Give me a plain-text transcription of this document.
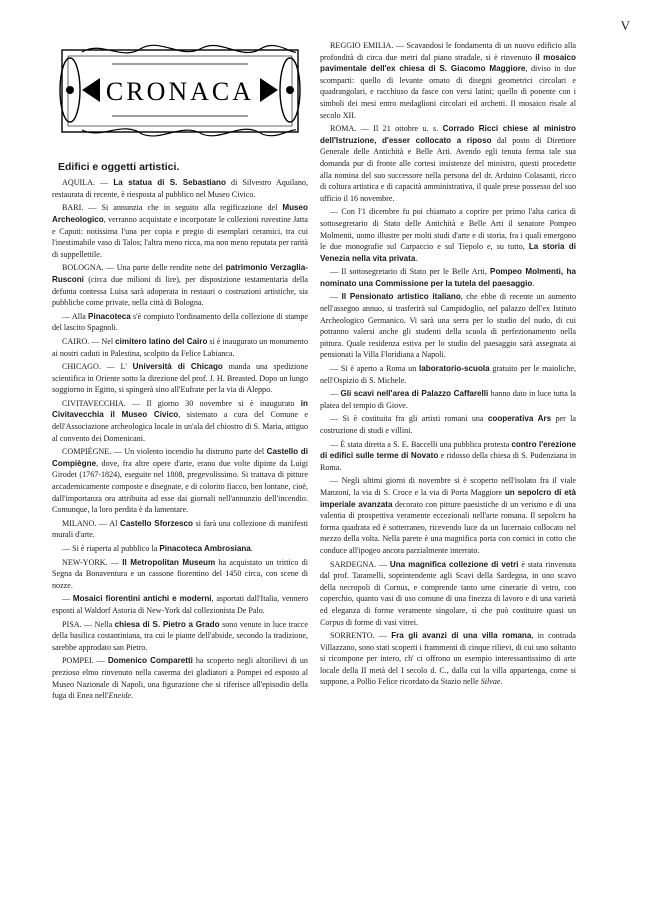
V
CRONACA
Edifici e oggetti artistici.

AQUILA. — La statua di S. Sebastiano di Silvestro Aquilano, restaurata di recente, è riesposta al pubblico nel Museo Civico.

BARI. — Si annunzia che in seguito alla regificazione del Museo Archeologico, verranno acquistate e incorporate le collezioni ruvestine Jatta e Caputi: notissima l'una per copia e pregio di esemplari ceramici, tra cui l'inestimabile vaso di Talos; l'altra meno ricca, ma non meno reputata per rarità di suppellettile.

BOLOGNA. — Una parte delle rendite nette del patrimonio Verzaglia-Rusconi (circa due milioni di lire), per disposizione testamentaria della defunta contessa Luisa sarà adoperata in restauri o costruzioni artistiche, sia pubbliche come private, nella città di Bologna.

— Alla Pinacoteca s'è compiuto l'ordinamento della collezione di stampe del lascito Spagnoli.

CAIRO. — Nel cimitero latino del Cairo si è inaugurato un monumento ai nostri caduti in Palestina, scolpito da Felice Labianca.

CHICAGO. — L' Università di Chicago manda una spedizione scientifica in Oriente sotto la direzione del prof. J. H. Breasted. Dopo un lungo soggiorno in Egitto, si spingerà sino all'Eufrate per la via di Aleppo.

CIVITAVECCHIA. — Il giorno 30 novembre si è inaugurato in Civitavecchia il Museo Civico, sistemato a cura del Comune e dell'Associazione archeologica locale in un'ala del chiostro di S. Maria, attiguo al convento dei Domenicani.

COMPIÈGNE. — Un violento incendio ha distrutto parte del Castello di Compiègne, dove, fra altre opere d'arte, erano due volte dipinte da Luigi Girodet (1767-1824), eseguite nel 1808, pregevolissimo. Si trattava di pitture accademicamente composte e disegnate, e di colorito fiacco, ben lontane, cioè, dall'importanza ora attribuita ad esse dai giornali nell'annunzio dell'incendio. Comunque, la loro perdita è da lamentare.

MILANO. — Al Castello Sforzesco si farà una collezione di manifesti murali d'arte.

— Si è riaperta al pubblico la Pinacoteca Ambrosiana.

NEW-YORK. — Il Metropolitan Museum ha acquistato un trittico di Segna da Bonaventura e un cassone fiorentino del 1450 circa, con scene di nozze.

— Mosaici fiorentini antichi e moderni, asportati dall'Italia, vennero esposti al Waldorf Astoria di New-York dal collezionista De Palo.

PISA. — Nella chiesa di S. Pietro a Grado sono venute in luce tracce della basilica costantiniana, tra cui le piante dell'abside, secondo la tradizione, sarebbe approdato san Pietro.

POMPEI. — Domenico Comparetti ha scoperto negli altorilievi di un prezioso elmo rinvenuto nella caserma dei gladiatori a Pompei ed esposto al Museo Nazionale di Napoli, una figurazione che si riferisce all'episodio della fuga di Enea nell'Eneide.

REGGIO EMILIA. — Scavandosi le fondamenta di un nuovo edificio alla profondità di circa due metri dal piano stradale, si è rinvenuto il mosaico pavimentale dell'ex chiesa di S. Giacomo Maggiore, diviso in due scomparti: quello di levante ornato di disegni geometrici circolari e quadrangolari, e racchiuso da fasce con versi latini; quello di ponente con i simboli dei mesi entro medaglioni circolari ed archetti. Il mosaico risale al secolo XII.

ROMA. — Il 21 ottobre u. s. Corrado Ricci chiese al ministro dell'Istruzione, d'esser collocato a riposo dal posto di Direttore Generale delle Antichità e Belle Arti. Avendo egli tenuta ferma tale sua domanda pur di fronte alle cortesi insistenze del ministro, questi procedette alla nomina del suo successore nella persona del dr. Arduino Colasanti, ricco di coltura artistica e di capacità amministrativa, il quale prese possesso del suo ufficio il 16 novembre.

— Con l'1 dicembre fu poi chiamato a coprire per primo l'alta carica di sottosegretario di Stato delle Antichità e Belle Arti il senatore Pompeo Molmenti, uomo illustre per molti studi d'arte e di storia, fra i quali emergono le due monografie sul Carpaccio e sul Tiepolo e, su tutto, La storia di Venezia nella vita privata.

— Il sottosegretario di Stato per le Belle Arti, Pompeo Molmenti, ha nominato una Commissione per la tutela del paesaggio.

— Il Pensionato artistico italiano, che ebbe di recente un aumento nell'assegno annuo, si trasferirà sul Campidoglio, nel palazzo dell'ex Istituto Archeologico Germanico. Vi sarà una serra per lo studio del nudo, di cui potranno valersi anche gli studenti della scuola di perfezionamento nella pittura. Quale residenza estiva per lo studio del paesaggio sarà assegnata ai pensionati la Villa Floridiana a Napoli.

— Si è aperto a Roma un laboratorio-scuola gratuito per le maioliche, nell'Ospizio di S. Michele.

— Gli scavi nell'area di Palazzo Caffarelli hanno dato in luce tutta la platea del tempio di Giove.

— Si è costituita fra gli artisti romani una cooperativa Ars per la costruzione di studi e villini.

— È stata diretta a S. E. Baccelli una pubblica protesta contro l'erezione di edifici sulle terme di Novato e ridosso della chiesa di S. Pudenziana in Roma.

— Negli ultimi giorni di novembre si è scoperto nell'isolato fra il viale Manzoni, la via di S. Croce e la via di Porta Maggiore un sepolcro di età imperiale avanzata decorato con pitture paesistiche di un verismo e di una valentia di prospettiva veramente eccezionali nell'arte romana. Il sepolcro ha forma quadrata ed è sotterraneo, ricevendo luce da un lucernaio collocato nel mezzo della volta. Nella parete è una magnifica porta con cornici in cotto che conduce all'ipogeo ancora parzialmente interrato.

SARDEGNA. — Una magnifica collezione di vetri è stata rinvenuta dal prof. Taramelli, soprintendente agli Scavi della Sardegna, in uno scavo della necropoli di Cornus, e comprende tanto urne cinerarie di vetro, con coperchio, quanto vasi di uso comune di una finezza di lavoro e di una varietà ed eleganza di forme veramente singolare, sì che può costituire quasi un Corpus di forme di vasi vitrei.

SORRENTO. — Fra gli avanzi di una villa romana, in contrada Villazzano, sono stati scoperti i frammenti di cinque rilievi, di cui uno soltanto si ricompone per intero, ch' ci offrono un esempio interessantissimo di arte locale della II metà del I secolo d. C., dalla cui la villa appartenga, come si suppone, a Pollio Felice ricordato da Stazio nelle Silvae.
